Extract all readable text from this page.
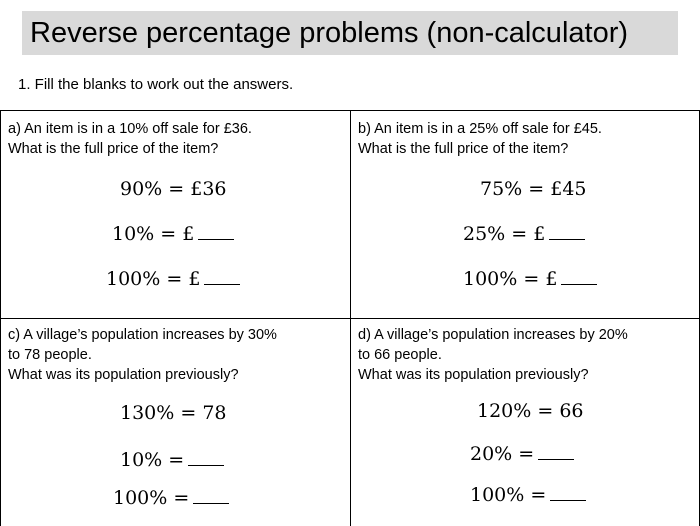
Reverse percentage problems (non-calculator)
1. Fill the blanks to work out the answers.
a) An item is in a 10% off sale for £36.
What is the full price of the item?
90% = £36
10% = £
100% = £
b) An item is in a 25% off sale for £45.
What is the full price of the item?
75% = £45
25% = £
100% = £
c) A village’s population increases by 30%
to 78 people.
What was its population previously?
130% = 78
10% =
100% =
d) A village’s population increases by 20%
to 66 people.
What was its population previously?
120% = 66
20% =
100% =
